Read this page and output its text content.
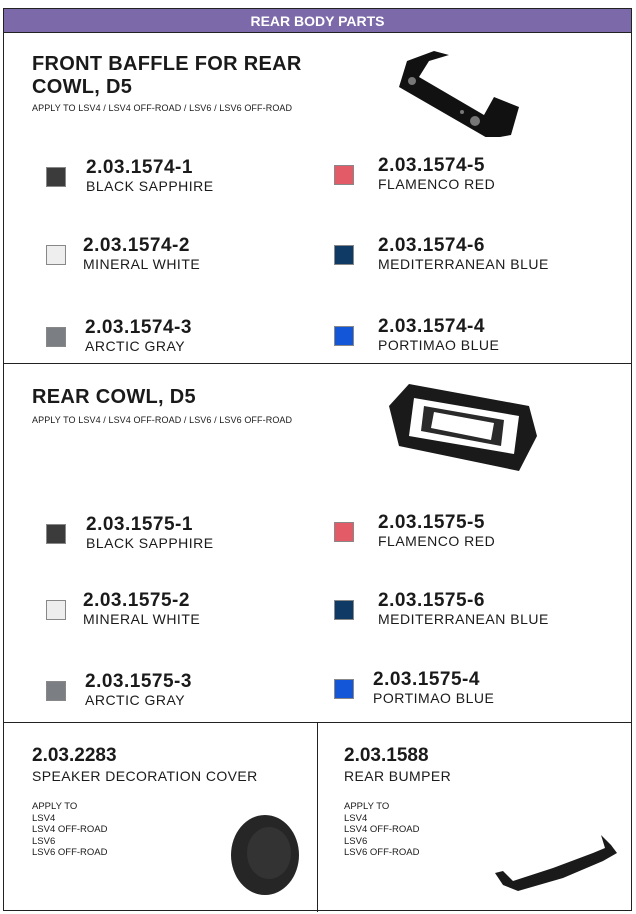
REAR BODY PARTS
FRONT BAFFLE FOR REAR
COWL, D5
APPLY TO LSV4 / LSV4 OFF-ROAD / LSV6 / LSV6 OFF-ROAD
2.03.1574-1
BLACK SAPPHIRE
2.03.1574-5
FLAMENCO RED
2.03.1574-2
MINERAL WHITE
2.03.1574-6
MEDITERRANEAN BLUE
2.03.1574-3
ARCTIC GRAY
2.03.1574-4
PORTIMAO BLUE
REAR COWL, D5
APPLY TO LSV4 / LSV4 OFF-ROAD / LSV6 / LSV6 OFF-ROAD
2.03.1575-1
BLACK SAPPHIRE
2.03.1575-5
FLAMENCO RED
2.03.1575-2
MINERAL WHITE
2.03.1575-6
MEDITERRANEAN BLUE
2.03.1575-3
ARCTIC GRAY
2.03.1575-4
PORTIMAO BLUE
2.03.2283
SPEAKER DECORATION COVER
APPLY TO
LSV4
LSV4 OFF-ROAD
LSV6
LSV6 OFF-ROAD
2.03.1588
REAR BUMPER
APPLY TO
LSV4
LSV4 OFF-ROAD
LSV6
LSV6 OFF-ROAD
